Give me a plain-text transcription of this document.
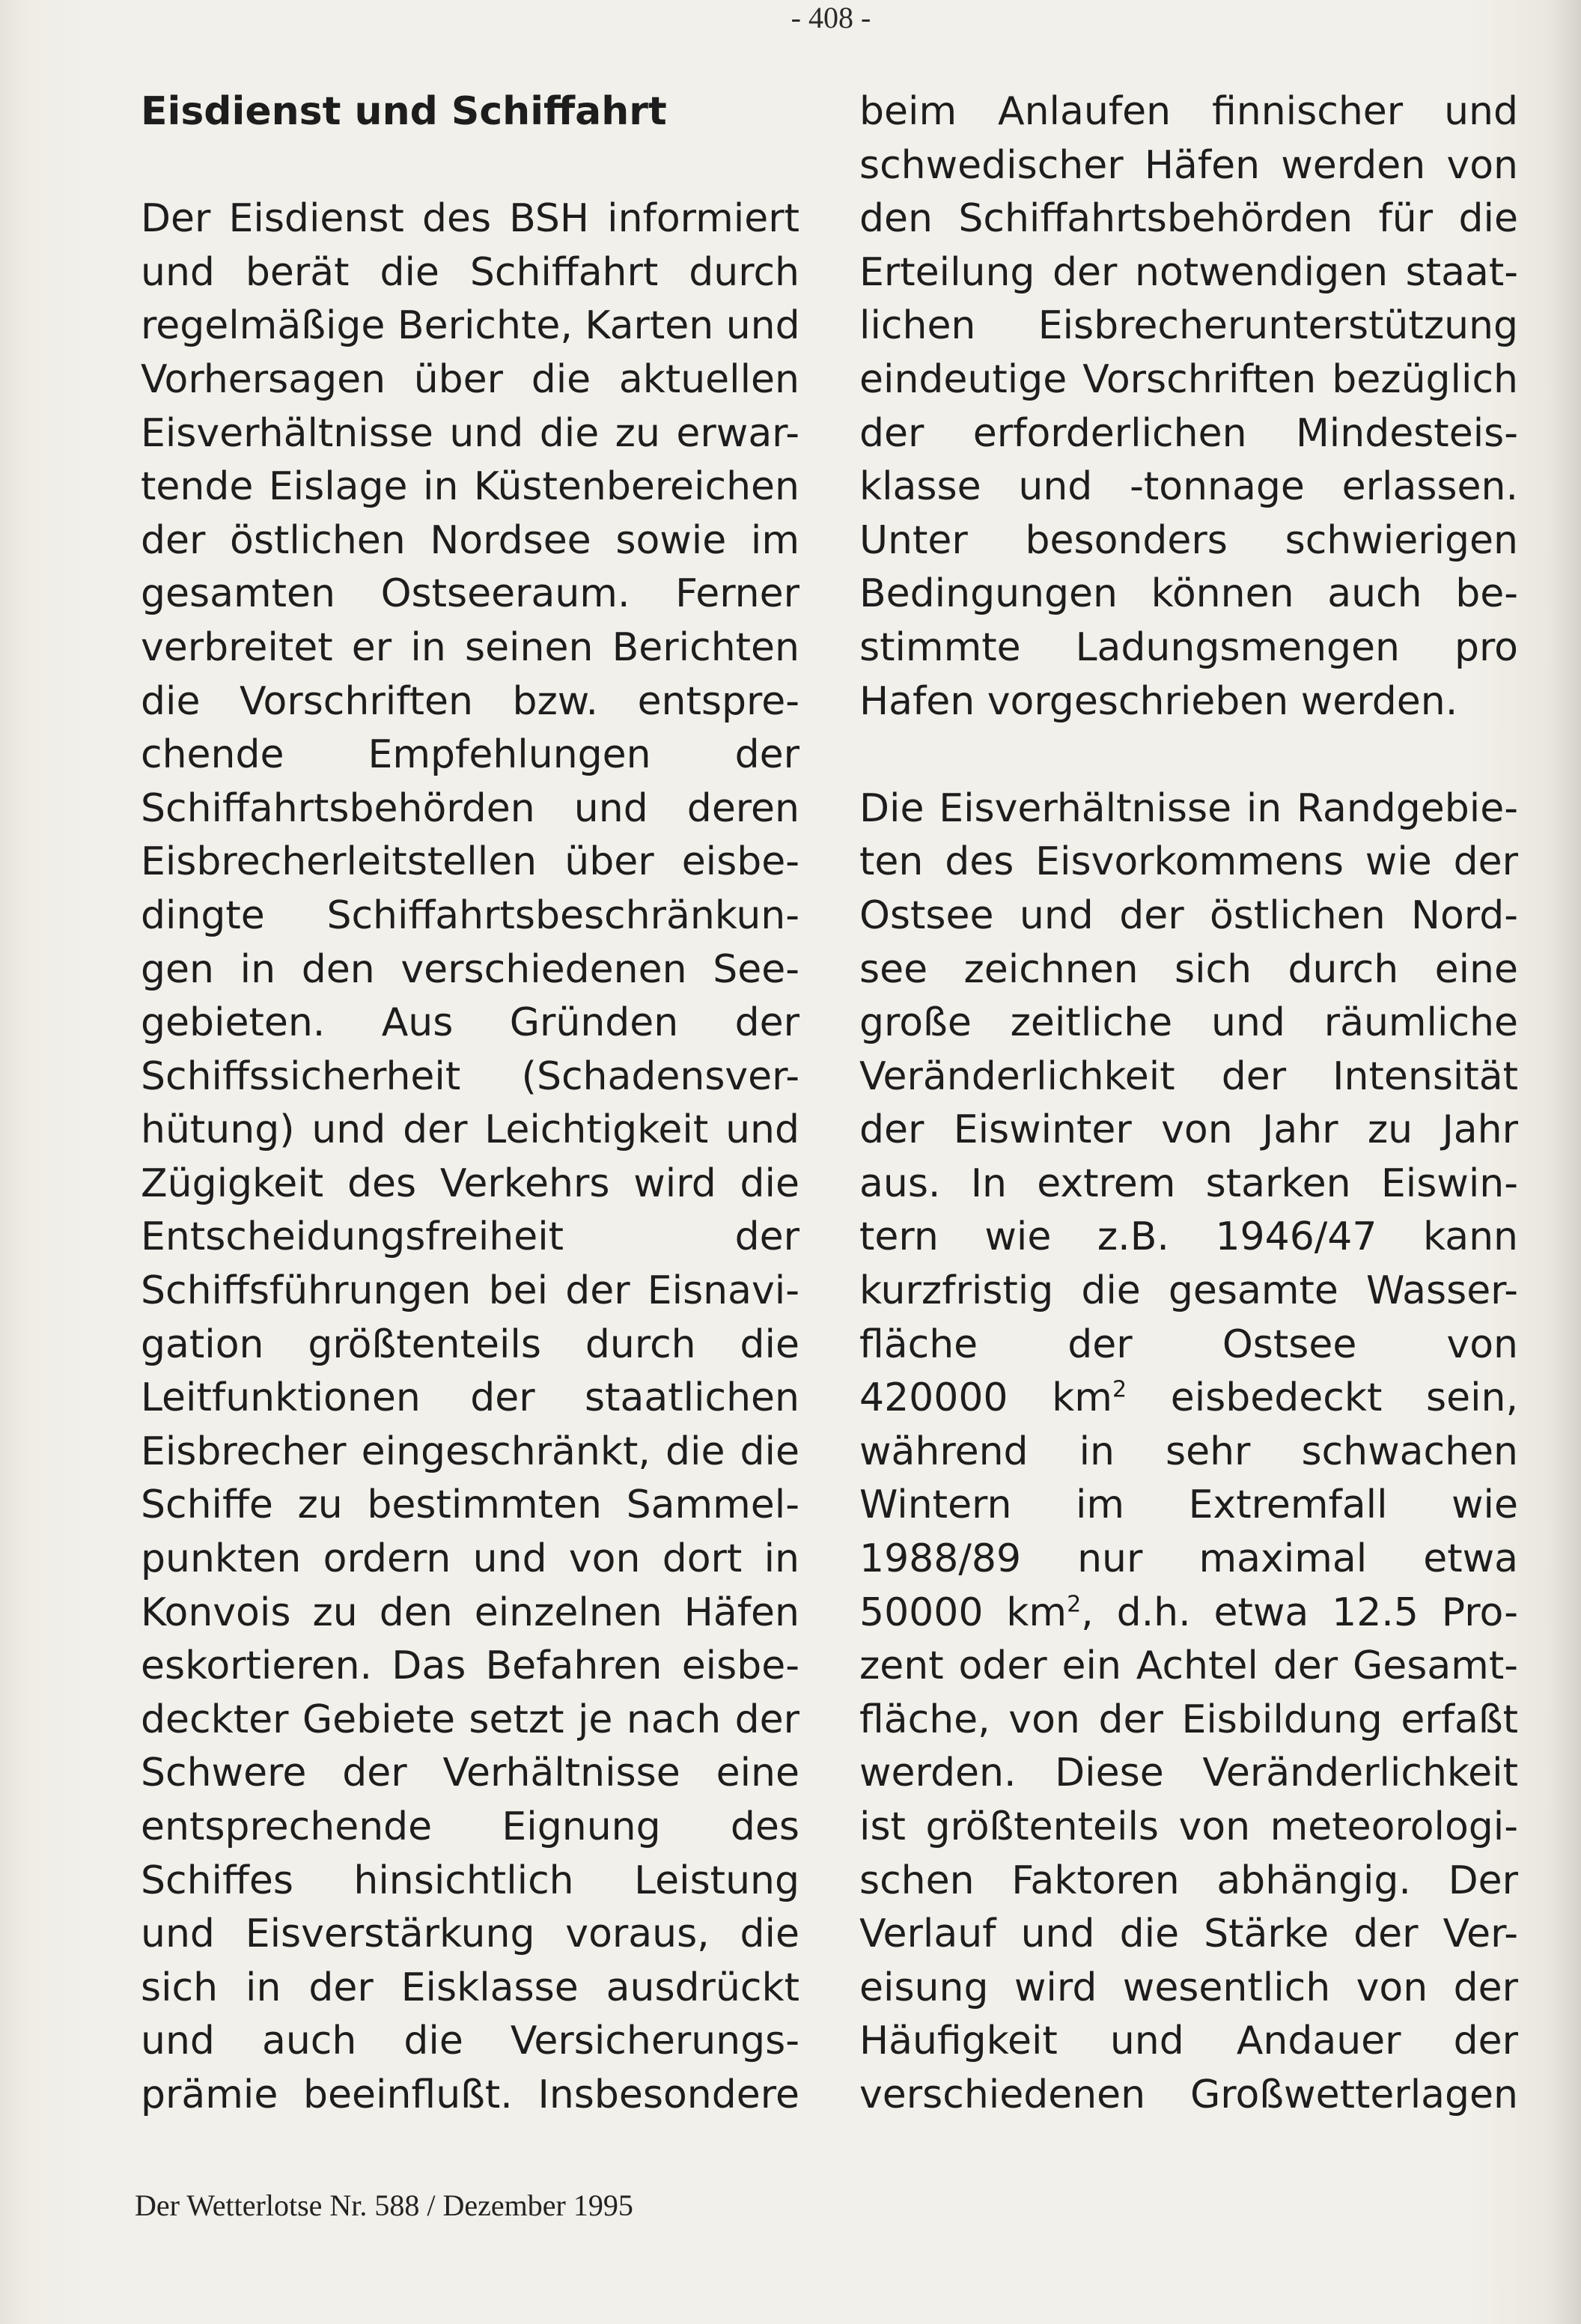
- 408 -
Eisdienst und Schiffahrt
Der Eisdienst des BSH informiert
und berät die Schiffahrt durch
regelmäßige Berichte, Karten und
Vorhersagen über die aktuellen
Eisverhältnisse und die zu erwar-
tende Eislage in Küstenbereichen
der östlichen Nordsee sowie im
gesamten Ostseeraum. Ferner
verbreitet er in seinen Berichten
die Vorschriften bzw. entspre-
chende Empfehlungen der
Schiffahrtsbehörden und deren
Eisbrecherleitstellen über eisbe-
dingte Schiffahrtsbeschränkun-
gen in den verschiedenen See-
gebieten. Aus Gründen der
Schiffssicherheit (Schadensver-
hütung) und der Leichtigkeit und
Zügigkeit des Verkehrs wird die
Entscheidungsfreiheit der
Schiffsführungen bei der Eisnavi-
gation größtenteils durch die
Leitfunktionen der staatlichen
Eisbrecher eingeschränkt, die die
Schiffe zu bestimmten Sammel-
punkten ordern und von dort in
Konvois zu den einzelnen Häfen
eskortieren. Das Befahren eisbe-
deckter Gebiete setzt je nach der
Schwere der Verhältnisse eine
entsprechende Eignung des
Schiffes hinsichtlich Leistung
und Eisverstärkung voraus, die
sich in der Eisklasse ausdrückt
und auch die Versicherungs-
prämie beeinflußt. Insbesondere
beim Anlaufen finnischer und
schwedischer Häfen werden von
den Schiffahrtsbehörden für die
Erteilung der notwendigen staat-
lichen Eisbrecherunterstützung
eindeutige Vorschriften bezüglich
der erforderlichen Mindesteis-
klasse und -tonnage erlassen.
Unter besonders schwierigen
Bedingungen können auch be-
stimmte Ladungsmengen pro
Hafen vorgeschrieben werden.
Die Eisverhältnisse in Randgebie-
ten des Eisvorkommens wie der
Ostsee und der östlichen Nord-
see zeichnen sich durch eine
große zeitliche und räumliche
Veränderlichkeit der Intensität
der Eiswinter von Jahr zu Jahr
aus. In extrem starken Eiswin-
tern wie z.B. 1946/47 kann
kurzfristig die gesamte Wasser-
fläche der Ostsee von
420000 $km^2$ eisbedeckt sein,
während in sehr schwachen
Wintern im Extremfall wie
1988/89 nur maximal etwa
50000 $km^2$, d.h. etwa 12.5 Pro-
zent oder ein Achtel der Gesamt-
fläche, von der Eisbildung erfaßt
werden. Diese Veränderlichkeit
ist größtenteils von meteorologi-
schen Faktoren abhängig. Der
Verlauf und die Stärke der Ver-
eisung wird wesentlich von der
Häufigkeit und Andauer der
verschiedenen Großwetterlagen
Der Wetterlotse Nr. 588 / Dezember 1995
